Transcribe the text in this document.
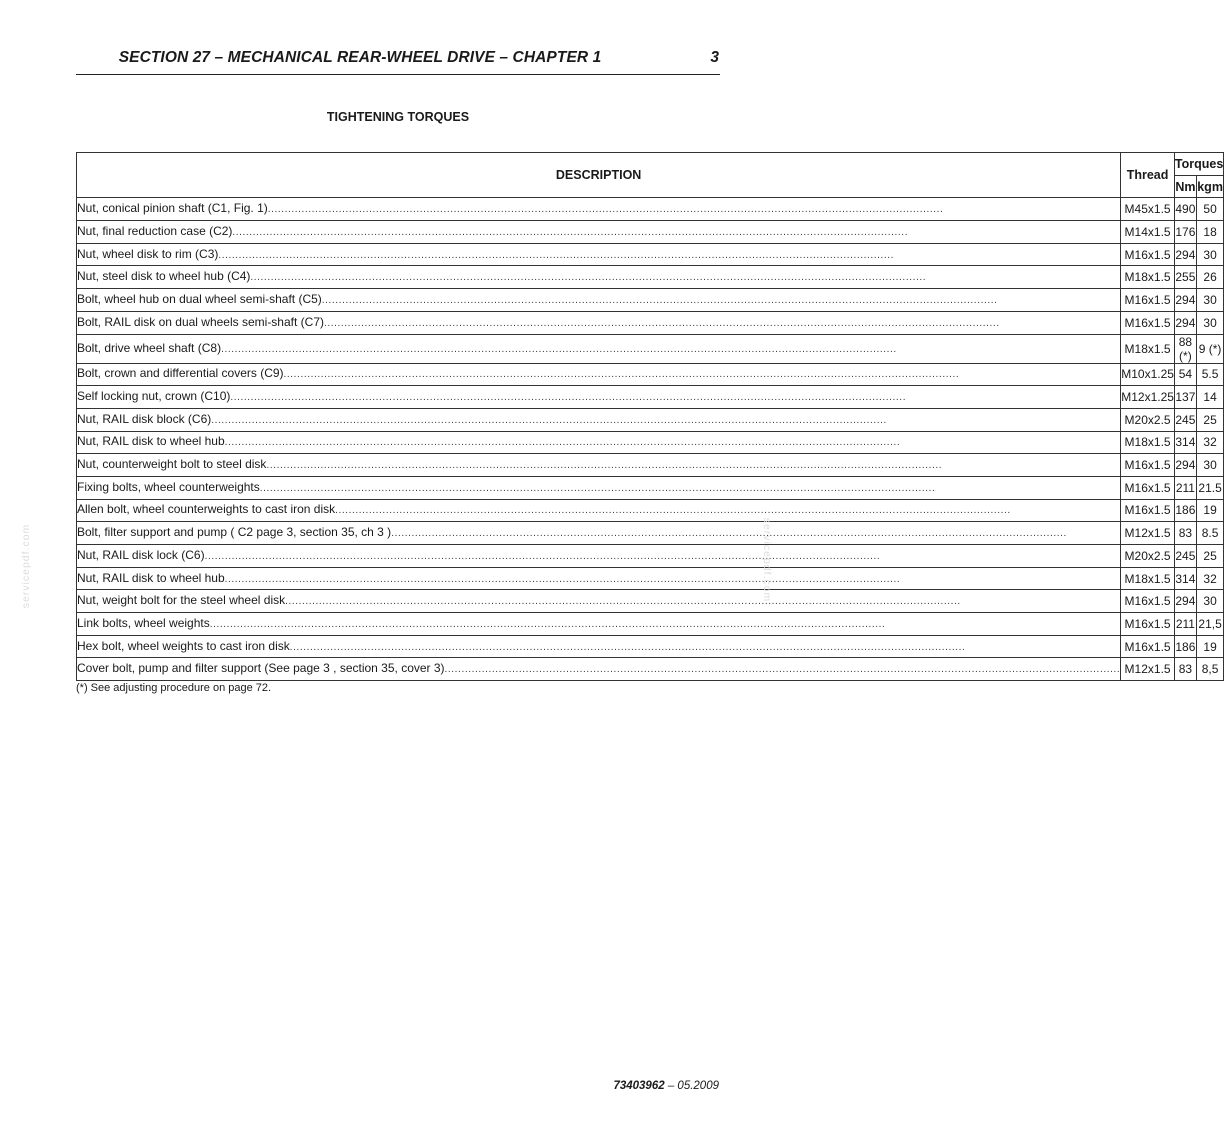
SECTION 27 – MECHANICAL REAR-WHEEL DRIVE – CHAPTER 1	3
TIGHTENING TORQUES
DESCRIPTION	Thread	Torques	
		Nm	kgm

Nut, conical pinion shaft (C1, Fig. 1) ........................................................................................................................................................................................................	M45x1.5	490	50

Nut, final reduction case (C2) ........................................................................................................................................................................................................	M14x1.5	176	18

Nut, wheel disk to rim (C3) ........................................................................................................................................................................................................	M16x1.5	294	30

Nut, steel disk to wheel hub (C4) ........................................................................................................................................................................................................	M18x1.5	255	26

Bolt, wheel hub on dual wheel semi-shaft (C5) ........................................................................................................................................................................................................	M16x1.5	294	30

Bolt, RAIL disk on dual wheels semi-shaft (C7) ........................................................................................................................................................................................................	M16x1.5	294	30

Bolt, drive wheel shaft (C8) ........................................................................................................................................................................................................	M18x1.5	88 (*)	9 (*)

Bolt, crown and differential covers (C9) ........................................................................................................................................................................................................	M10x1.25	54	5.5

Self locking nut, crown (C10) ........................................................................................................................................................................................................	M12x1.25	137	14

Nut, RAIL disk block (C6) ........................................................................................................................................................................................................	M20x2.5	245	25

Nut, RAIL disk to wheel hub ........................................................................................................................................................................................................	M18x1.5	314	32

Nut, counterweight bolt to steel disk ........................................................................................................................................................................................................	M16x1.5	294	30

Fixing bolts, wheel counterweights ........................................................................................................................................................................................................	M16x1.5	211	21.5

Allen bolt, wheel counterweights to cast iron disk ........................................................................................................................................................................................................	M16x1.5	186	19

Bolt, filter support and pump ( C2 page 3, section 35, ch 3 ) ........................................................................................................................................................................................................	M12x1.5	83	8.5

Nut, RAIL disk lock (C6) ........................................................................................................................................................................................................	M20x2.5	245	25

Nut, RAIL disk to wheel hub ........................................................................................................................................................................................................	M18x1.5	314	32

Nut, weight bolt for the steel wheel disk ........................................................................................................................................................................................................	M16x1.5	294	30

Link bolts, wheel weights ........................................................................................................................................................................................................	M16x1.5	211	21,5

Hex bolt, wheel weights to cast iron disk ........................................................................................................................................................................................................	M16x1.5	186	19

Cover bolt, pump and filter support (See page 3 , section 35, cover 3) ........................................................................................................................................................................................................	M12x1.5	83	8,5
(*) See adjusting procedure on page 72.
servicepdf.com	servicepdf.com
73403962 – 05.2009
